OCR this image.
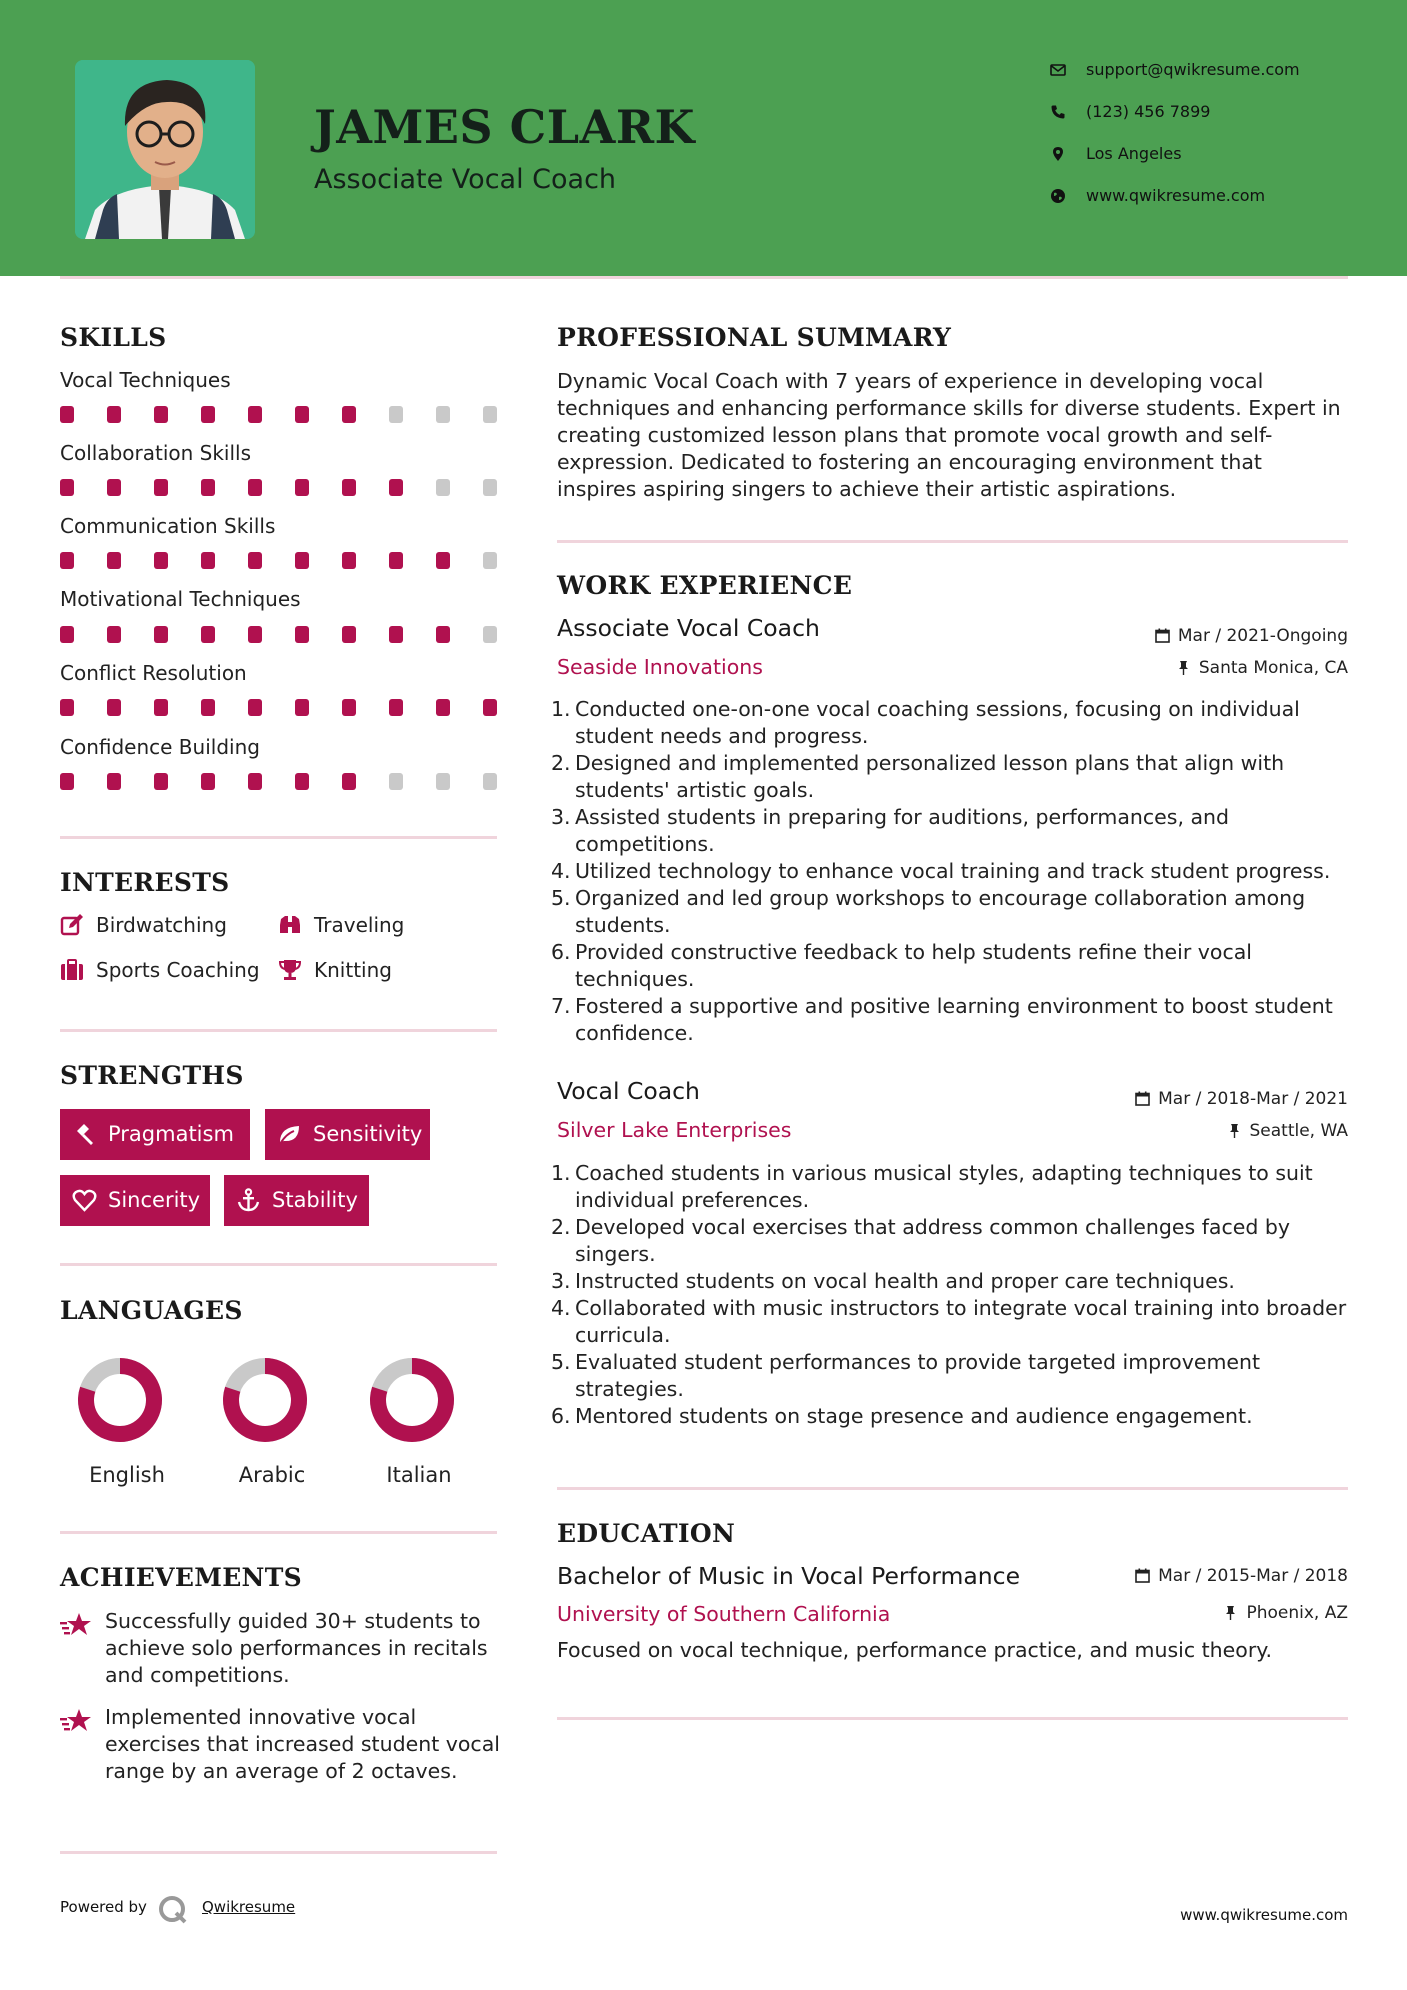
JAMES CLARK
Associate Vocal Coach
support@qwikresume.com
(123) 456 7899
Los Angeles
www.qwikresume.com
SKILLS
Vocal Techniques
Collaboration Skills
Communication Skills
Motivational Techniques
Conflict Resolution
Confidence Building
INTERESTS
Birdwatching	Traveling
Sports Coaching	Knitting
STRENGTHS
Pragmatism	Sensitivity
Sincerity	Stability
LANGUAGES
English	Arabic	Italian
ACHIEVEMENTS
Successfully guided 30+ students to achieve solo performances in recitals and competitions.
Implemented innovative vocal exercises that increased student vocal range by an average of 2 octaves.
PROFESSIONAL SUMMARY
Dynamic Vocal Coach with 7 years of experience in developing vocal techniques and enhancing performance skills for diverse students. Expert in creating customized lesson plans that promote vocal growth and self-expression. Dedicated to fostering an encouraging environment that inspires aspiring singers to achieve their artistic aspirations.
WORK EXPERIENCE
Associate Vocal Coach	Mar / 2021-Ongoing
Seaside Innovations	Santa Monica, CA
1. Conducted one-on-one vocal coaching sessions, focusing on individual student needs and progress.
2. Designed and implemented personalized lesson plans that align with students' artistic goals.
3. Assisted students in preparing for auditions, performances, and competitions.
4. Utilized technology to enhance vocal training and track student progress.
5. Organized and led group workshops to encourage collaboration among students.
6. Provided constructive feedback to help students refine their vocal techniques.
7. Fostered a supportive and positive learning environment to boost student confidence.
Vocal Coach	Mar / 2018-Mar / 2021
Silver Lake Enterprises	Seattle, WA
1. Coached students in various musical styles, adapting techniques to suit individual preferences.
2. Developed vocal exercises that address common challenges faced by singers.
3. Instructed students on vocal health and proper care techniques.
4. Collaborated with music instructors to integrate vocal training into broader curricula.
5. Evaluated student performances to provide targeted improvement strategies.
6. Mentored students on stage presence and audience engagement.
EDUCATION
Bachelor of Music in Vocal Performance	Mar / 2015-Mar / 2018
University of Southern California	Phoenix, AZ
Focused on vocal technique, performance practice, and music theory.
Powered by	Qwikresume	www.qwikresume.com
